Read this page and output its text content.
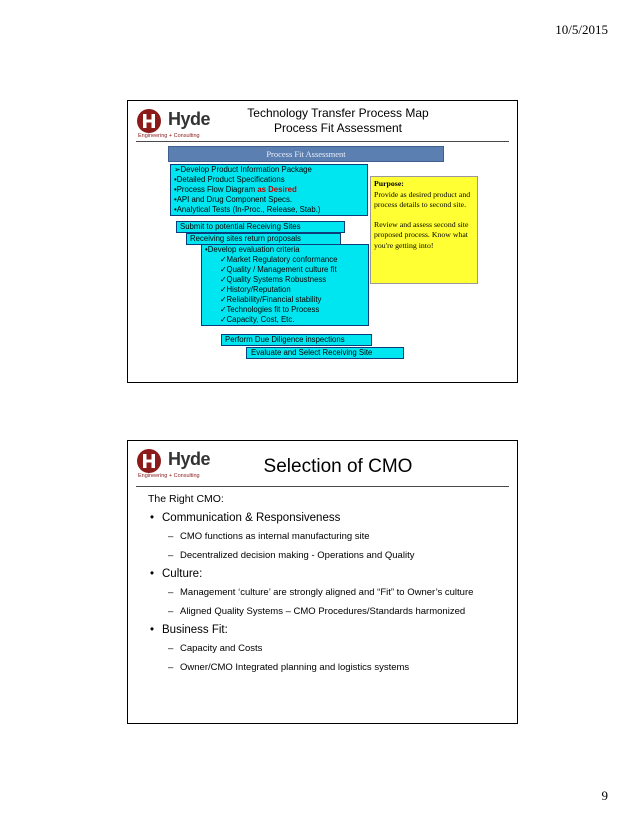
10/5/2015
Hyde
Engineering + Consulting
Technology Transfer Process Map
Process Fit Assessment
Process Fit Assessment
➢Develop Product Information Package
•Detailed Product Specifications
•Process Flow Diagram as Desired
•API and Drug Component Specs.
•Analytical Tests (In-Proc., Release, Stab.)
Submit to potential Receiving Sites
Receiving sites return proposals
•Develop evaluation criteria
✓Market Regulatory conformance
✓Quality / Management culture fit
✓Quality Systems Robustness
✓History/Reputation
✓Reliability/Financial stability
✓Technologies fit to Process
✓Capacity, Cost, Etc.
Perform Due Diligence inspections
Evaluate and Select Receiving Site
Purpose:
Provide as desired product and process details to second site.
Review and assess second site proposed process. Know what you're getting into!
Hyde
Engineering + Consulting	Selection of CMO
The Right CMO:
• Communication & Responsiveness
– CMO functions as internal manufacturing site
– Decentralized decision making - Operations and Quality
• Culture:
– Management ‘culture’ are strongly aligned and “Fit” to Owner’s culture
– Aligned Quality Systems – CMO Procedures/Standards harmonized
• Business Fit:
– Capacity and Costs
– Owner/CMO Integrated planning and logistics systems
9
